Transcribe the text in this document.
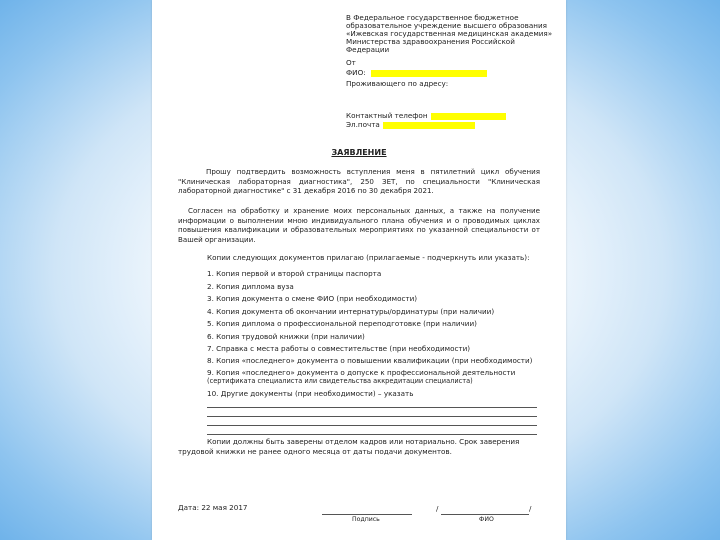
В Федеральное государственное бюджетное
образовательное учреждение высшего образования
«Ижевская государственная медицинская академия»
Министерства здравоохранения Российской
Федерации
От
ФИО:
Проживающего по адресу:
Контактный телефон
Эл.почта
ЗАЯВЛЕНИЕ
Прошу подтвердить возможность вступления меня в пятилетний цикл обучения "Клиническая лабораторная диагностика", 250 ЗЕТ, по специальности "Клиническая лабораторной диагностике" с 31 декабря 2016 по 30 декабря 2021.
Согласен на обработку и хранение моих персональных данных, а также на получение информации о выполнении мною индивидуального плана обучения и о проводимых циклах повышения квалификации и образовательных мероприятиях по указанной специальности от Вашей организации.
Копии следующих документов прилагаю (прилагаемые - подчеркнуть или указать):
1. Копия первой и второй страницы паспорта
2. Копия диплома вуза
3. Копия документа о смене ФИО (при необходимости)
4. Копия документа об окончании интернатуры/ординатуры (при наличии)
5. Копия диплома о профессиональной переподготовке (при наличии)
6. Копия трудовой книжки (при наличии)
7. Справка с места работы о совместительстве (при необходимости)
8. Копия «последнего» документа о повышении квалификации (при необходимости)
9. Копия «последнего» документа о допуске к профессиональной деятельности
(сертификата специалиста или свидетельства аккредитации специалиста)
10. Другие документы (при необходимости) – указать
Копии должны быть заверены отделом кадров или нотариально. Срок заверения
трудовой книжки не ранее одного месяца от даты подачи документов.
Дата: 22 мая 2017
Подпись
/	/
ФИО
